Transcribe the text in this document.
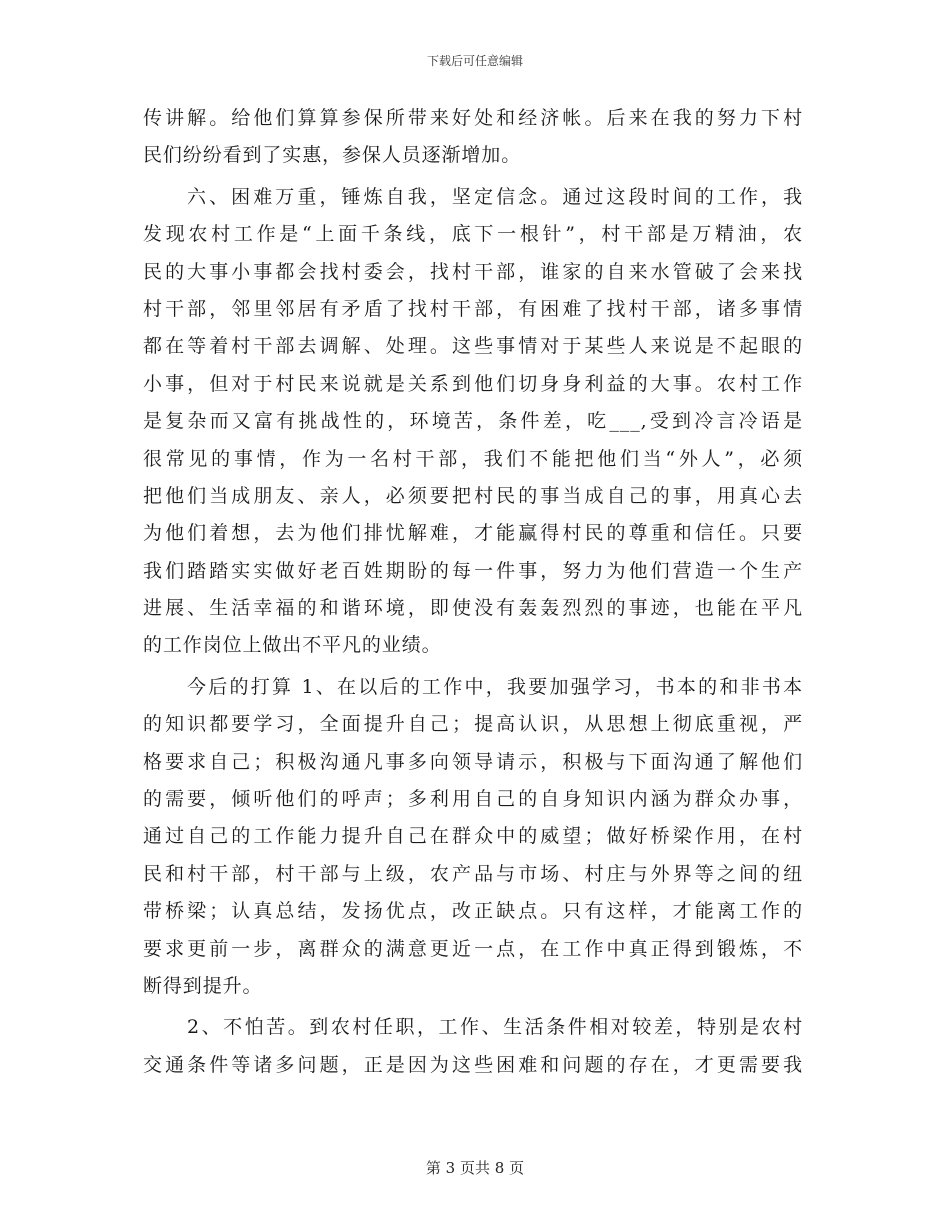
下载后可任意编辑
传讲解。给他们算算参保所带来好处和经济帐。后来在我的努力下村
民们纷纷看到了实惠，参保人员逐渐增加。
六、困难万重，锤炼自我，坚定信念。通过这段时间的工作，我
发现农村工作是“上面千条线，底下一根针”，村干部是万精油，农
民的大事小事都会找村委会，找村干部，谁家的自来水管破了会来找
村干部，邻里邻居有矛盾了找村干部，有困难了找村干部，诸多事情
都在等着村干部去调解、处理。这些事情对于某些人来说是不起眼的
小事，但对于村民来说就是关系到他们切身身利益的大事。农村工作
是复杂而又富有挑战性的，环境苦，条件差，吃___,受到冷言冷语是
很常见的事情，作为一名村干部，我们不能把他们当“外人”，必须
把他们当成朋友、亲人，必须要把村民的事当成自己的事，用真心去
为他们着想，去为他们排忧解难，才能赢得村民的尊重和信任。只要
我们踏踏实实做好老百姓期盼的每一件事，努力为他们营造一个生产
进展、生活幸福的和谐环境，即使没有轰轰烈烈的事迹，也能在平凡
的工作岗位上做出不平凡的业绩。
今后的打算 1、在以后的工作中，我要加强学习，书本的和非书本
的知识都要学习，全面提升自己；提高认识，从思想上彻底重视，严
格要求自己；积极沟通凡事多向领导请示，积极与下面沟通了解他们
的需要，倾听他们的呼声；多利用自己的自身知识内涵为群众办事，
通过自己的工作能力提升自己在群众中的威望；做好桥梁作用，在村
民和村干部，村干部与上级，农产品与市场、村庄与外界等之间的纽
带桥梁；认真总结，发扬优点，改正缺点。只有这样，才能离工作的
要求更前一步，离群众的满意更近一点，在工作中真正得到锻炼，不
断得到提升。
2、不怕苦。到农村任职，工作、生活条件相对较差，特别是农村
交通条件等诸多问题，正是因为这些困难和问题的存在，才更需要我
第 3 页共 8 页
